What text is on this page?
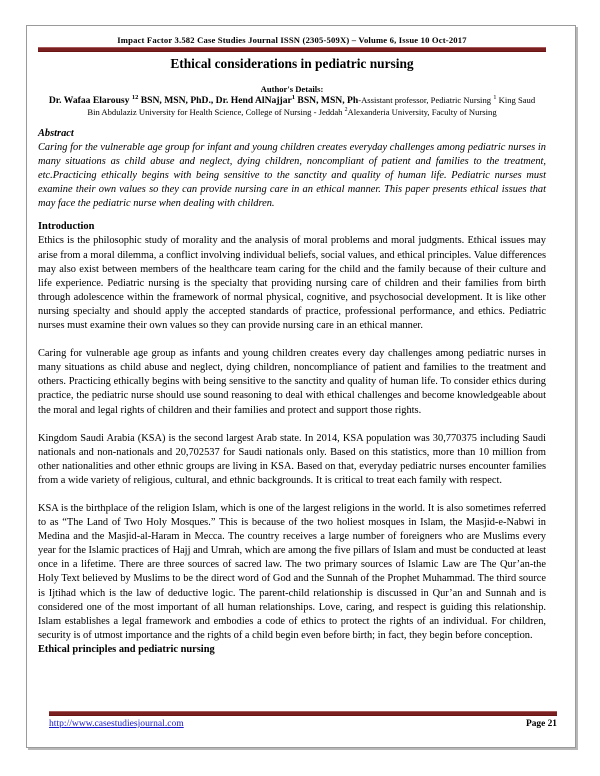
Impact Factor 3.582 Case Studies Journal ISSN (2305-509X) – Volume 6, Issue 10 Oct-2017
Ethical considerations in pediatric nursing
Author's Details:
Dr. Wafaa Elarousy $^{12}$ BSN, MSN, PhD., Dr. Hend AlNajjar$^1$ BSN, MSN, Ph-Assistant professor, Pediatric Nursing $^1$ King Saud
Bin Abdulaziz University for Health Science, College of Nursing - Jeddah $^2$Alexanderia University, Faculty of Nursing
Abstract

Caring for the vulnerable age group for infant and young children creates everyday challenges among pediatric nurses in many situations as child abuse and neglect, dying children, noncompliant of patient and families to the treatment, etc.Practicing ethically begins with being sensitive to the sanctity and quality of human life. Pediatric nurses must examine their own values so they can provide nursing care in an ethical manner. This paper presents ethical issues that may face the pediatric nurse when dealing with children.

Introduction

Ethics is the philosophic study of morality and the analysis of moral problems and moral judgments. Ethical issues may arise from a moral dilemma, a conflict involving individual beliefs, social values, and ethical principles. Value differences may also exist between members of the healthcare team caring for the child and the family because of their culture and life experience. Pediatric nursing is the specialty that providing nursing care of children and their families from birth through adolescence within the framework of normal physical, cognitive, and psychosocial development. It is like other nursing specialty and should apply the accepted standards of practice, professional performance, and ethics. Pediatric nurses must examine their own values so they can provide nursing care in an ethical manner.

Caring for vulnerable age group as infants and young children creates every day challenges among pediatric nurses in many situations as child abuse and neglect, dying children, noncompliance of patient and families to the treatment and others. Practicing ethically begins with being sensitive to the sanctity and quality of human life. To consider ethics during practice, the pediatric nurse should use sound reasoning to deal with ethical challenges and become knowledgeable about the moral and legal rights of children and their families and protect and support those rights.

Kingdom Saudi Arabia (KSA) is the second largest Arab state. In 2014, KSA population was 30,770375 including Saudi nationals and non-nationals and 20,702537 for Saudi nationals only. Based on this statistics, more than 10 million from other nationalities and other ethnic groups are living in KSA. Based on that, everyday pediatric nurses encounter families from a wide variety of religious, cultural, and ethnic backgrounds. It is critical to treat each family with respect.

KSA is the birthplace of the religion Islam, which is one of the largest religions in the world. It is also sometimes referred to as “The Land of Two Holy Mosques.” This is because of the two holiest mosques in Islam, the Masjid-e-Nabwi in Medina and the Masjid-al-Haram in Mecca. The country receives a large number of foreigners who are Muslims every year for the Islamic practices of Hajj and Umrah, which are among the five pillars of Islam and must be conducted at least once in a lifetime. There are three sources of sacred law. The two primary sources of Islamic Law are The Qur’an-the Holy Text believed by Muslims to be the direct word of God and the Sunnah of the Prophet Muhammad. The third source is Ijtihad which is the law of deductive logic. The parent-child relationship is discussed in Qur’an and Sunnah and is considered one of the most important of all human relationships. Love, caring, and respect is guiding this relationship. Islam establishes a legal framework and embodies a code of ethics to protect the rights of an individual. For children, security is of utmost importance and the rights of a child begin even before birth; in fact, they begin before conception.

Ethical principles and pediatric nursing
http://www.casestudiesjournal.com	Page 21
